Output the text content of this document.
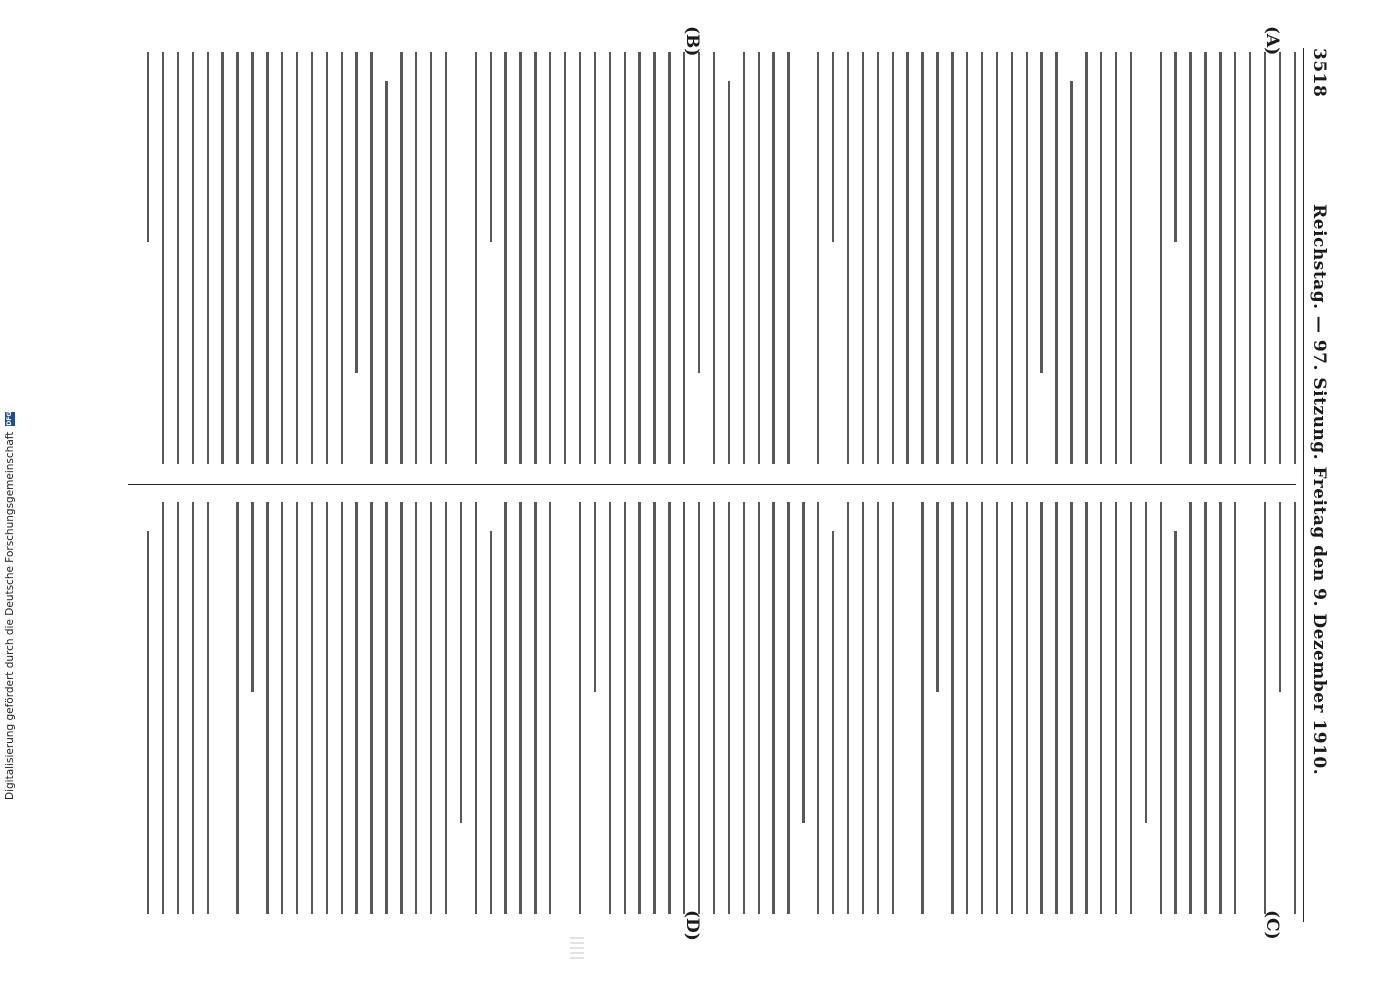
3518
Reichstag. — 97. Sitzung. Freitag den 9. Dezember 1910.
(A)
(B)
(C)
(D)
Digitalisierung gefördert durch die Deutsche Forschungsgemeinschaft
DFG
